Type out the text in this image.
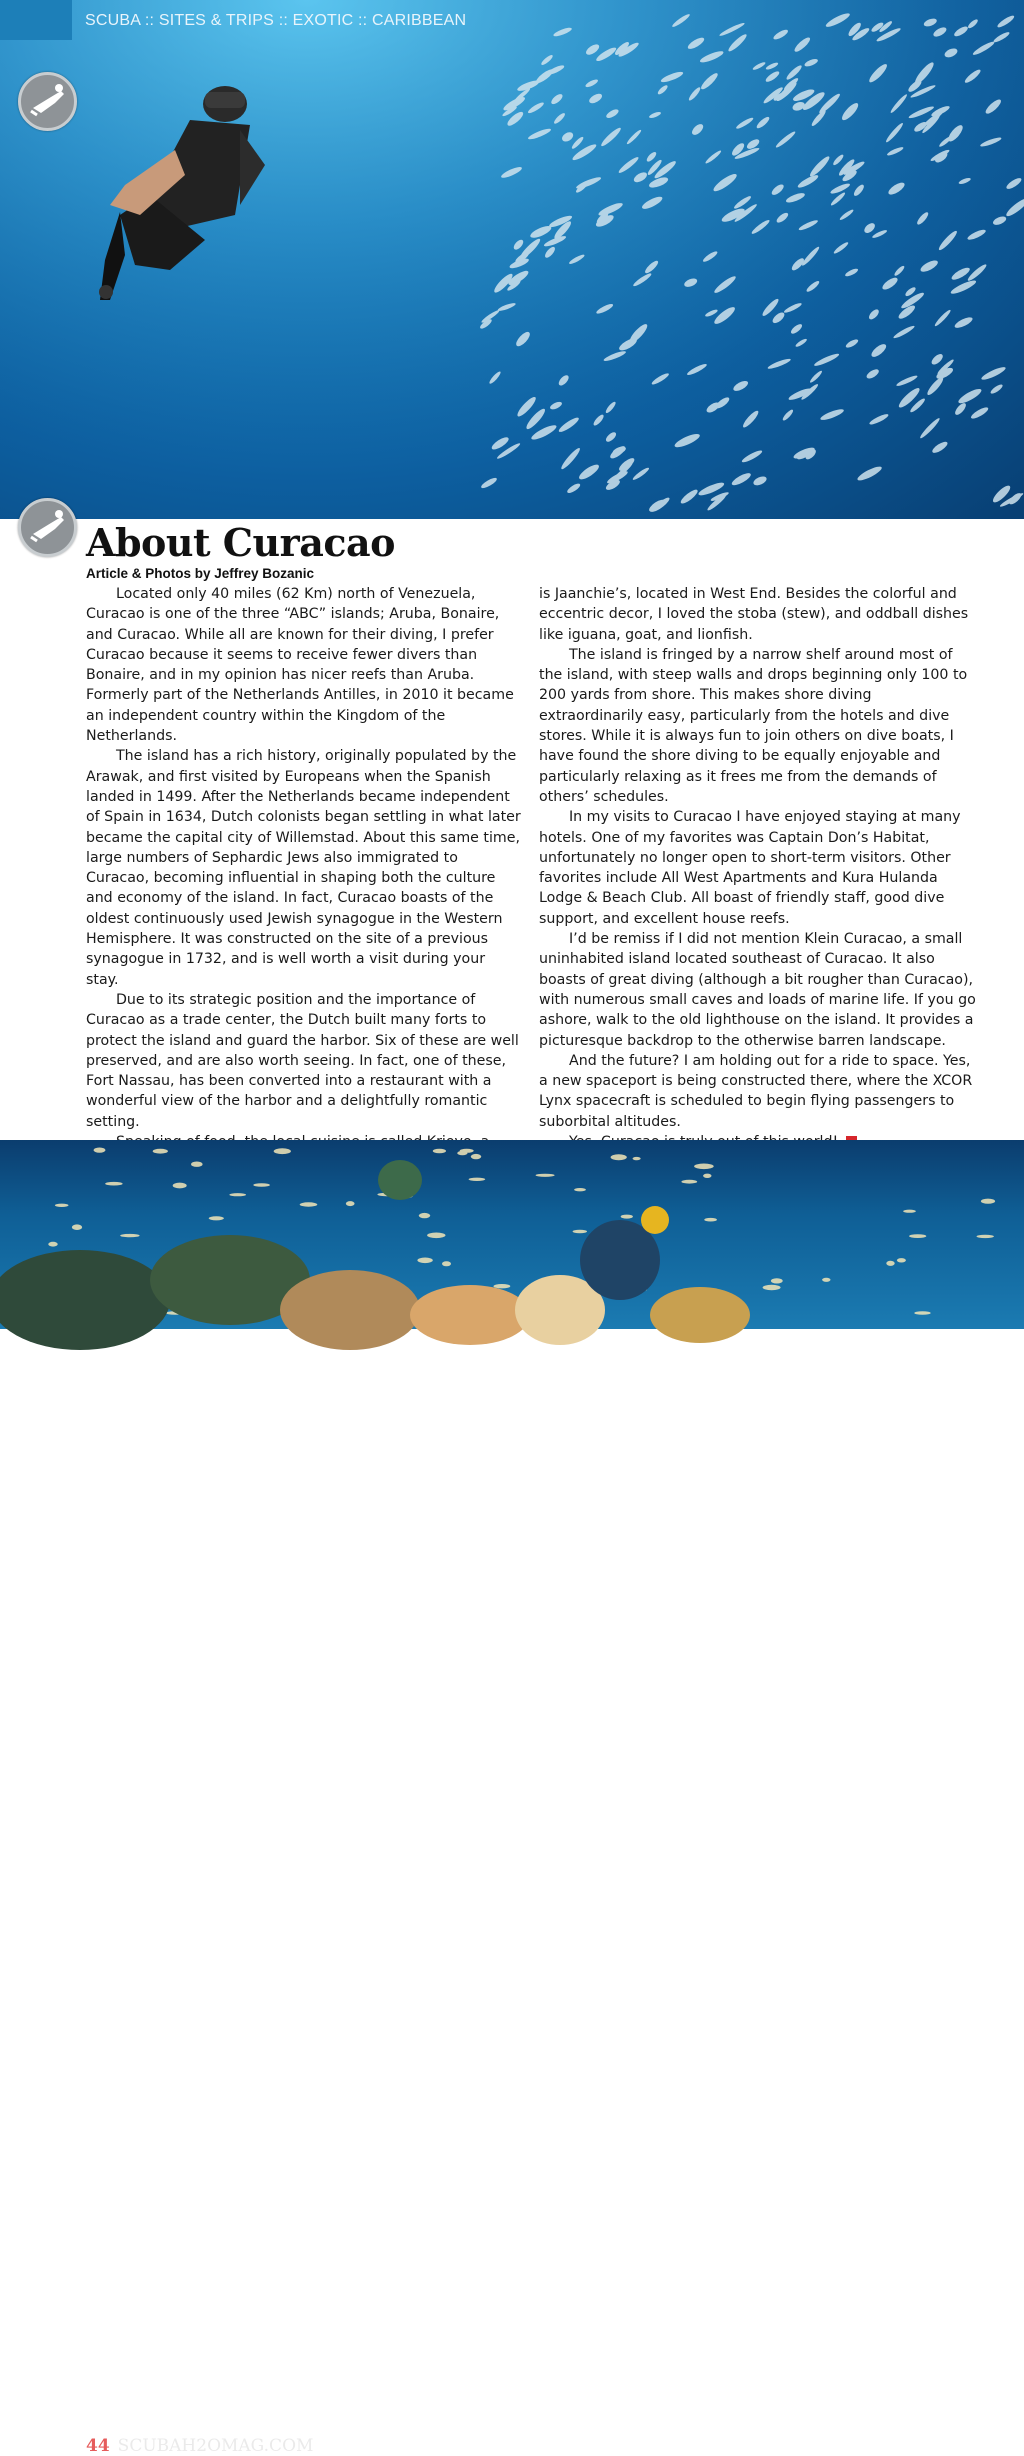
SCUBA :: SITES & TRIPS :: EXOTIC :: CARIBBEAN
About Curacao
Article & Photos by Jeffrey Bozanic

Located only 40 miles (62 Km) north of Venezuela, Curacao is one of the three “ABC” islands; Aruba, Bonaire, and Curacao. While all are known for their diving, I prefer Curacao because it seems to receive fewer divers than Bonaire, and in my opinion has nicer reefs than Aruba. Formerly part of the Netherlands Antilles, in 2010 it became an independent country within the Kingdom of the Netherlands.

The island has a rich history, originally populated by the Arawak, and first visited by Europeans when the Spanish landed in 1499. After the Netherlands became independent of Spain in 1634, Dutch colonists began settling in what later became the capital city of Willemstad. About this same time, large numbers of Sephardic Jews also immigrated to Curacao, becoming influential in shaping both the culture and economy of the island. In fact, Curacao boasts of the oldest continuously used Jewish synagogue in the Western Hemisphere. It was constructed on the site of a previous synagogue in 1732, and is well worth a visit during your stay.

Due to its strategic position and the importance of Curacao as a trade center, the Dutch built many forts to protect the island and guard the harbor. Six of these are well preserved, and are also worth seeing. In fact, one of these, Fort Nassau, has been converted into a restaurant with a wonderful view of the harbor and a delightfully romantic setting.

is Jaanchie’s, located in West End. Besides the colorful and eccentric decor, I loved the stoba (stew), and oddball dishes like iguana, goat, and lionfish.

The island is fringed by a narrow shelf around most of the island, with steep walls and drops beginning only 100 to 200 yards from shore. This makes shore diving extraordinarily easy, particularly from the hotels and dive stores. While it is always fun to join others on dive boats, I have found the shore diving to be equally enjoyable and particularly relaxing as it frees me from the demands of others’ schedules.

In my visits to Curacao I have enjoyed staying at many hotels. One of my favorites was Captain Don’s Habitat, unfortunately no longer open to short-term visitors. Other favorites include All West Apartments and Kura Hulanda Lodge & Beach Club. All boast of friendly staff, good dive support, and excellent house reefs.

I’d be remiss if I did not mention Klein Curacao, a small uninhabited island located southeast of Curacao. It also boasts of great diving (although a bit rougher than Curacao), with numerous small caves and loads of marine life. If you go ashore, walk to the old lighthouse on the island. It provides a picturesque backdrop to the otherwise barren landscape.

And the future? I am holding out for a ride to space. Yes, a new spaceport is being constructed there, where the XCOR Lynx spacecraft is scheduled to begin flying passengers to suborbital altitudes.

44 SCUBAH2OMAG.COM
